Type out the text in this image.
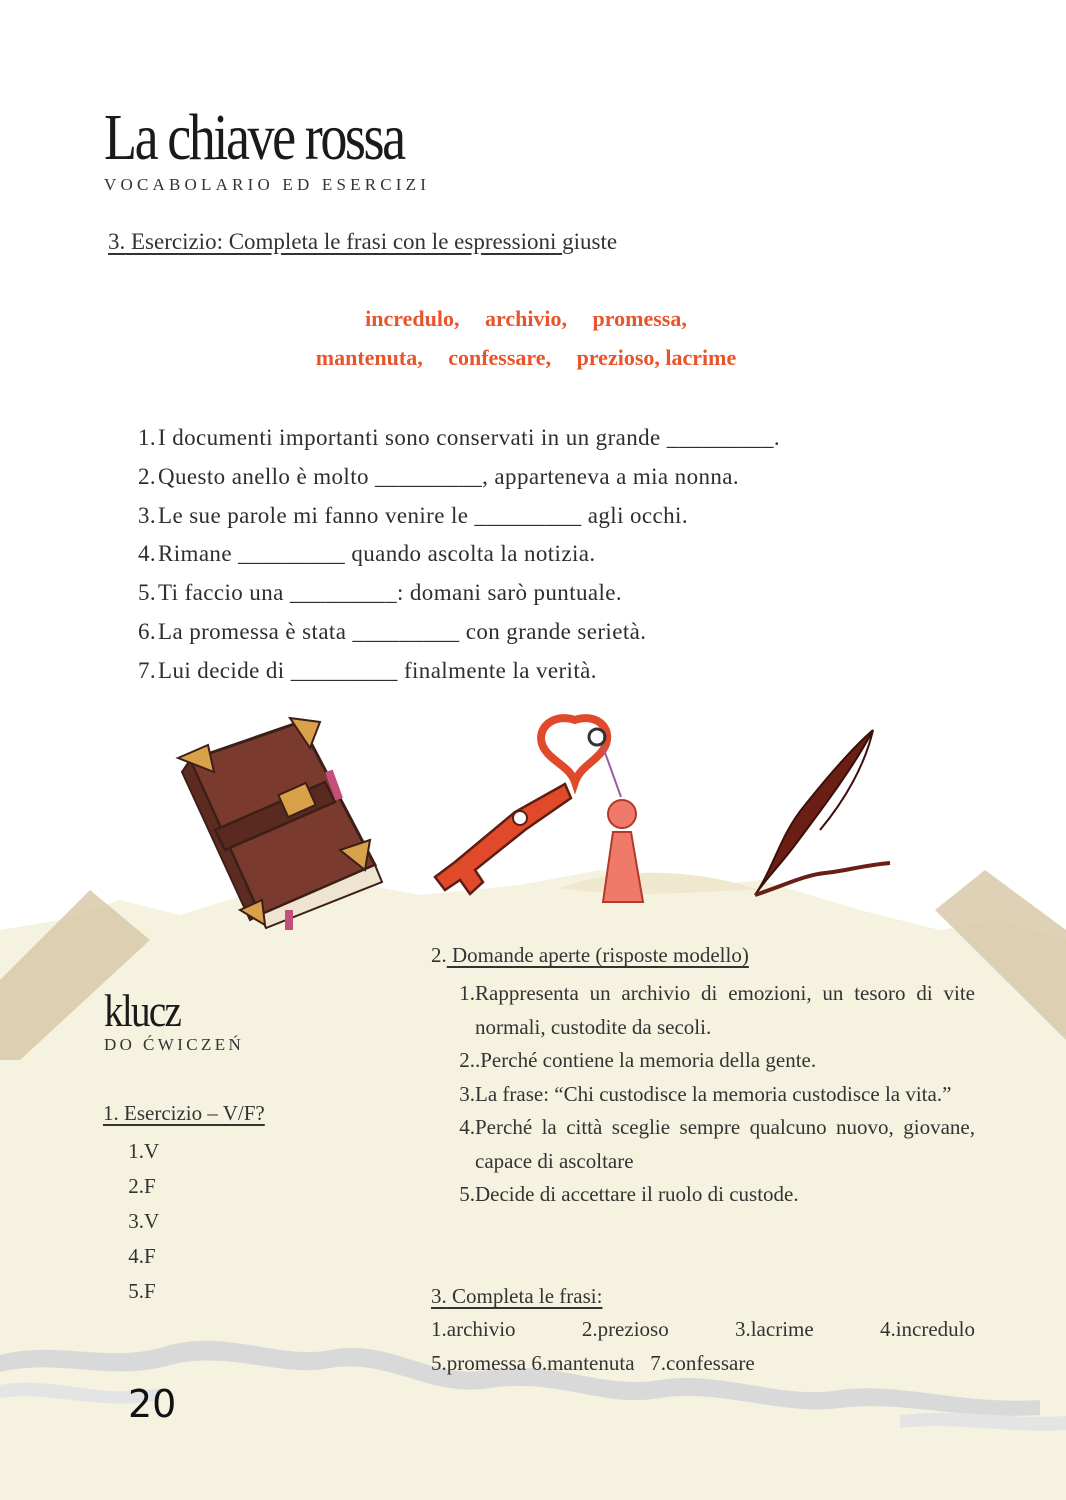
La chiave rossa
VOCABOLARIO ED ESERCIZI
3. Esercizio: Completa le frasi con le espressioni giuste
incredulo, archivio, promessa,
mantenuta, confessare, prezioso, lacrime
1.I documenti importanti sono conservati in un grande _________.
2.Questo anello è molto _________, apparteneva a mia nonna.
3.Le sue parole mi fanno venire le _________ agli occhi.
4.Rimane _________ quando ascolta la notizia.
5.Ti faccio una _________: domani sarò puntuale.
6.La promessa è stata _________ con grande serietà.
7.Lui decide di _________ finalmente la verità.
klucz
DO ĆWICZEŃ
1. Esercizio – V/F?
1.V
2.F
3.V
4.F
5.F
2. Domande aperte (risposte modello)
1. Rappresenta un archivio di emozioni, un tesoro di vite normali, custodite da secoli.
2. .Perché contiene la memoria della gente.
3. La frase: “Chi custodisce la memoria custodisce la vita.”
4. Perché la città sceglie sempre qualcuno nuovo, giovane, capace di ascoltare
5. Decide di accettare il ruolo di custode.
3. Completa le frasi:
1.archivio	2.prezioso	3.lacrime	4.incredulo
5.promessa 6.mantenuta   7.confessare
20
